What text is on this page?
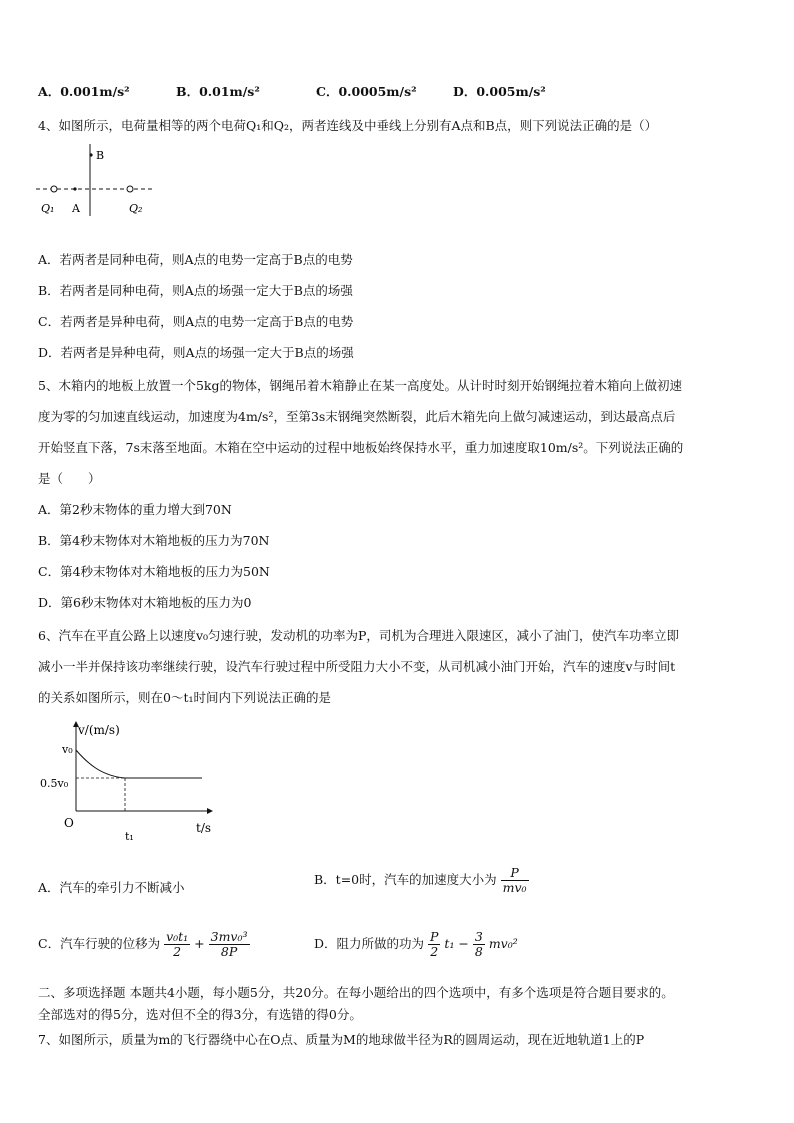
A．0.001m/s²	B．0.01m/s²	C．0.0005m/s²	D．0.005m/s²
4、如图所示，电荷量相等的两个电荷Q₁和Q₂，两者连线及中垂线上分别有A点和B点，则下列说法正确的是（）
B
Q₁ A	Q₂
A．若两者是同种电荷，则A点的电势一定高于B点的电势
B．若两者是同种电荷，则A点的场强一定大于B点的场强
C．若两者是异种电荷，则A点的电势一定高于B点的电势
D．若两者是异种电荷，则A点的场强一定大于B点的场强
5、木箱内的地板上放置一个5kg的物体，钢绳吊着木箱静止在某一高度处。从计时时刻开始钢绳拉着木箱向上做初速
度为零的匀加速直线运动，加速度为4m/s²，至第3s末钢绳突然断裂，此后木箱先向上做匀减速运动，到达最高点后
开始竖直下落，7s末落至地面。木箱在空中运动的过程中地板始终保持水平，重力加速度取10m/s²。下列说法正确的
是（　　）
A．第2秒末物体的重力增大到70N
B．第4秒末物体对木箱地板的压力为70N
C．第4秒末物体对木箱地板的压力为50N
D．第6秒末物体对木箱地板的压力为0
6、汽车在平直公路上以速度v₀匀速行驶，发动机的功率为P，司机为合理进入限速区，减小了油门，使汽车功率立即
减小一半并保持该功率继续行驶，设汽车行驶过程中所受阻力大小不变，从司机减小油门开始，汽车的速度v与时间t
的关系如图所示，则在0～t₁时间内下列说法正确的是
v/(m/s)
v₀
0.5v₀
O
t₁
t/s
A．汽车的牵引力不断减小
B．t=0时，汽车的加速度大小为 $\frac{P}{\text{mv₀}}$
C．汽车行驶的位移为 $\frac{\text{v₀t₁}}{2} + \frac{\text{3mv₀³}}{8P}$	D．阻力所做的功为 $\frac{P}{2} t_1 - \frac{3}{8} mv_0^2$
二、多项选择题 本题共4小题，每小题5分，共20分。在每小题给出的四个选项中，有多个选项是符合题目要求的。
全部选对的得5分，选对但不全的得3分，有选错的得0分。
7、如图所示，质量为m的飞行器绕中心在O点、质量为M的地球做半径为R的圆周运动，现在近地轨道1上的P
